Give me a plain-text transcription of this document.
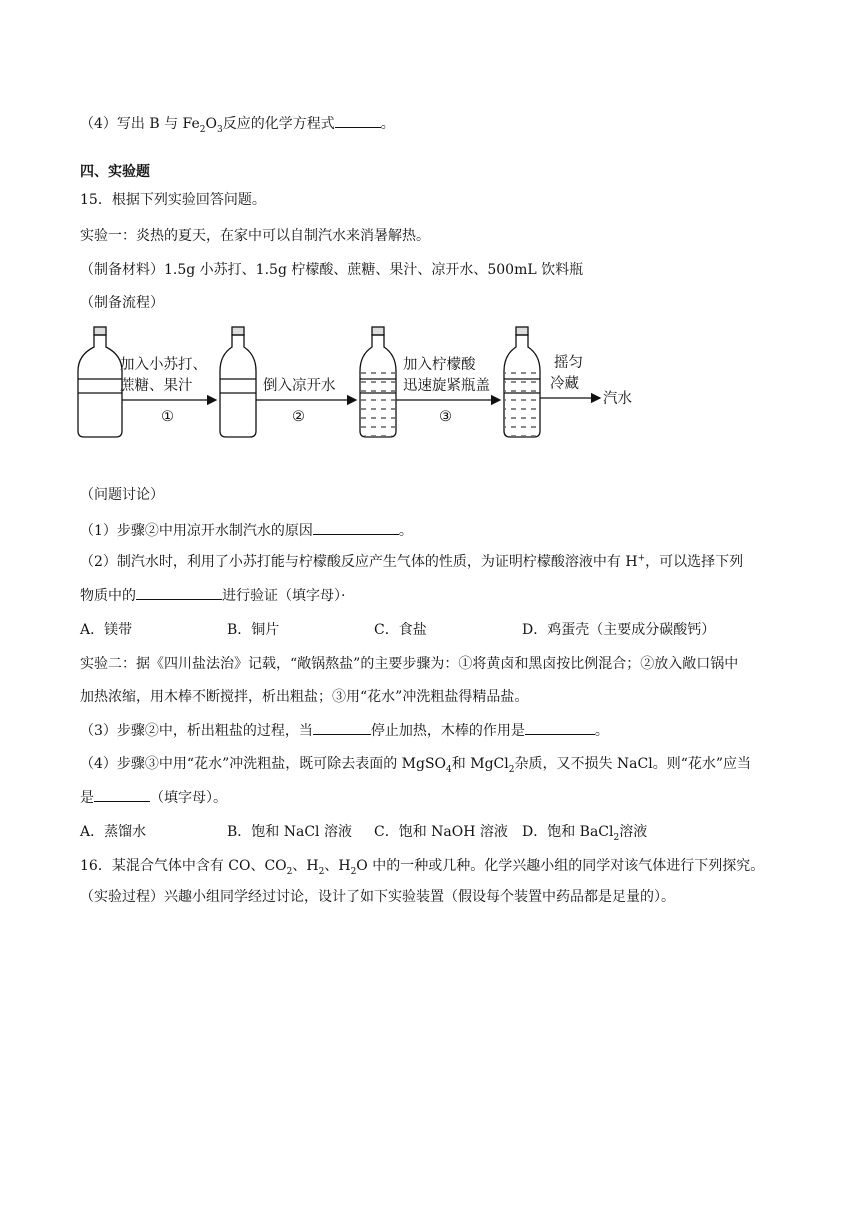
（4）写出 B 与 $Fe_2O_3$反应的化学方程式	。
四、实验题
15．根据下列实验回答问题。
实验一：炎热的夏天，在家中可以自制汽水来消暑解热。
（制备材料）1.5g 小苏打、1.5g 柠檬酸、蔗糖、果汁、凉开水、500mL 饮料瓶
（制备流程）
加入小苏打、
蔗糖、果汁
①
倒入凉开水
②
加入柠檬酸
迅速旋紧瓶盖
③
摇匀
冷藏
汽水
（问题讨论）
（1）步骤②中用凉开水制汽水的原因	。
（2）制汽水时，利用了小苏打能与柠檬酸反应产生气体的性质，为证明柠檬酸溶液中有 H+，可以选择下列
物质中的	进行验证（填字母）·
A．镁带	B．铜片	C．食盐	D．鸡蛋壳（主要成分碳酸钙）
实验二：据《四川盐法治》记载，“敞锅熬盐”的主要步骤为：①将黄卤和黑卤按比例混合；②放入敞口锅中
加热浓缩，用木棒不断搅拌，析出粗盐；③用“花水”冲洗粗盐得精品盐。
（3）步骤②中，析出粗盐的过程，当	停止加热，木棒的作用是	。
（4）步骤③中用“花水”冲洗粗盐，既可除去表面的 MgSO$_4$和 MgCl$_2$杂质，又不损失 NaCl。则“花水”应当
是	（填字母）。
A．蒸馏水	B．饱和 NaCl 溶液 C．饱和 NaOH 溶液 D．饱和 BaCl$_2$溶液
16．某混合气体中含有 CO、$CO_2$、$H_2$、$H_2O$ 中的一种或几种。化学兴趣小组的同学对该气体进行下列探究。
（实验过程）兴趣小组同学经过讨论，设计了如下实验装置（假设每个装置中药品都是足量的）。
